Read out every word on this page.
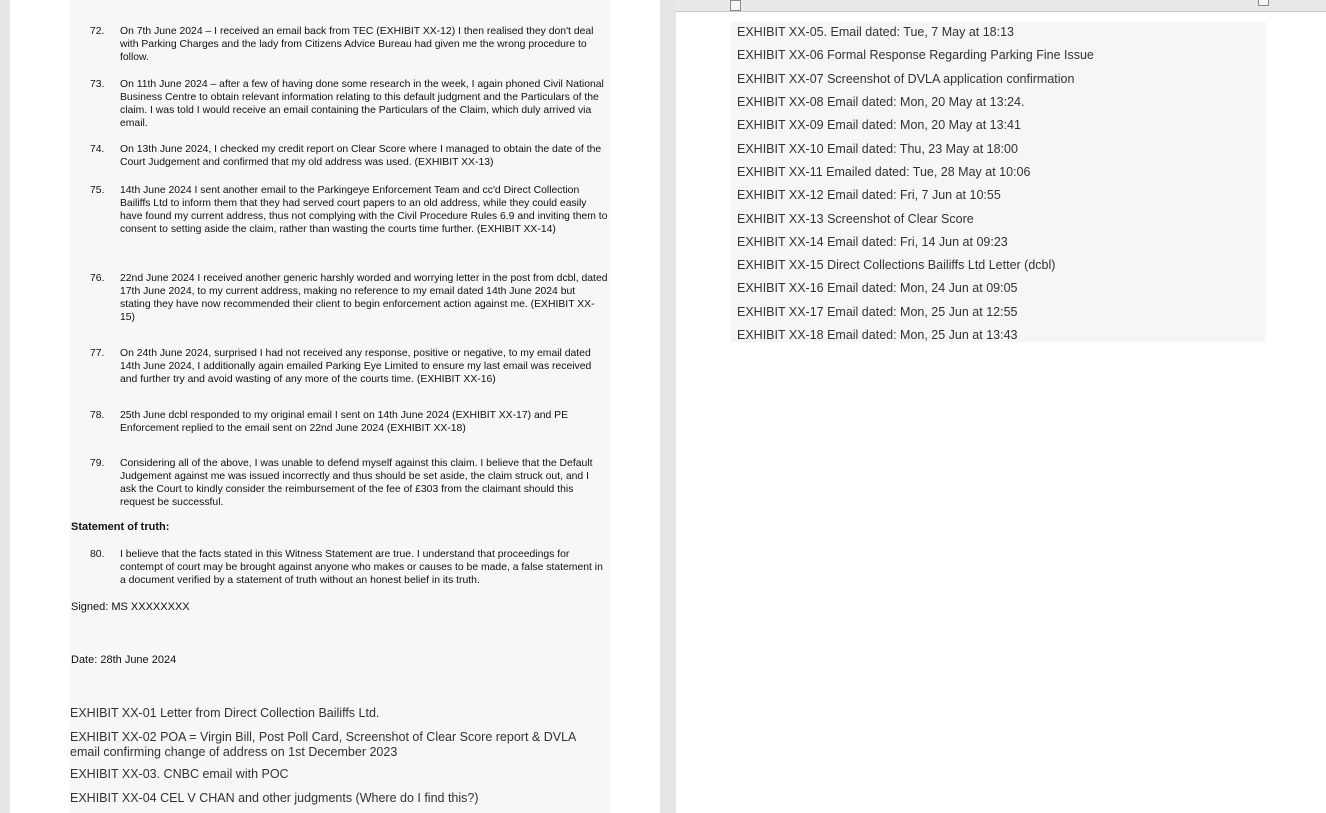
72. On 7th June 2024 – I received an email back from TEC (EXHIBIT XX-12) I then realised they don't deal with Parking Charges and the lady from Citizens Advice Bureau had given me the wrong procedure to follow.
73. On 11th June 2024 – after a few of having done some research in the week, I again phoned Civil National Business Centre to obtain relevant information relating to this default judgment and the Particulars of the claim. I was told I would receive an email containing the Particulars of the Claim, which duly arrived via email.
74. On 13th June 2024, I checked my credit report on Clear Score where I managed to obtain the date of the Court Judgement and confirmed that my old address was used. (EXHIBIT XX-13)
75. 14th June 2024 I sent another email to the Parkingeye Enforcement Team and cc'd Direct Collection Bailiffs Ltd to inform them that they had served court papers to an old address, while they could easily have found my current address, thus not complying with the Civil Procedure Rules 6.9 and inviting them to consent to setting aside the claim, rather than wasting the courts time further. (EXHIBIT XX-14)
76. 22nd June 2024 I received another generic harshly worded and worrying letter in the post from dcbl, dated 17th June 2024, to my current address, making no reference to my email dated 14th June 2024 but stating they have now recommended their client to begin enforcement action against me. (EXHIBIT XX-15)
77. On 24th June 2024, surprised I had not received any response, positive or negative, to my email dated 14th June 2024, I additionally again emailed Parking Eye Limited to ensure my last email was received and further try and avoid wasting of any more of the courts time. (EXHIBIT XX-16)
78. 25th June dcbl responded to my original email I sent on 14th June 2024 (EXHIBIT XX-17) and PE Enforcement replied to the email sent on 22nd June 2024 (EXHIBIT XX-18)
79. Considering all of the above, I was unable to defend myself against this claim. I believe that the Default Judgement against me was issued incorrectly and thus should be set aside, the claim struck out, and I ask the Court to kindly consider the reimbursement of the fee of £303 from the claimant should this request be successful.
Statement of truth:
80. I believe that the facts stated in this Witness Statement are true. I understand that proceedings for contempt of court may be brought against anyone who makes or causes to be made, a false statement in a document verified by a statement of truth without an honest belief in its truth.
Signed: MS XXXXXXXX
Date: 28th June 2024
EXHIBIT XX-01 Letter from Direct Collection Bailiffs Ltd.
EXHIBIT XX-02 POA = Virgin Bill, Post Poll Card, Screenshot of Clear Score report & DVLA email confirming change of address on 1st December 2023
EXHIBIT XX-03. CNBC email with POC
EXHIBIT XX-04 CEL V CHAN and other judgments (Where do I find this?)
EXHIBIT XX-05. Email dated: Tue, 7 May at 18:13
EXHIBIT XX-06 Formal Response Regarding Parking Fine Issue
EXHIBIT XX-07 Screenshot of DVLA application confirmation
EXHIBIT XX-08 Email dated: Mon, 20 May at 13:24.
EXHIBIT XX-09 Email dated: Mon, 20 May at 13:41
EXHIBIT XX-10 Email dated: Thu, 23 May at 18:00
EXHIBIT XX-11 Emailed dated: Tue, 28 May at 10:06
EXHIBIT XX-12 Email dated: Fri, 7 Jun at 10:55
EXHIBIT XX-13 Screenshot of Clear Score
EXHIBIT XX-14 Email dated: Fri, 14 Jun at 09:23
EXHIBIT XX-15 Direct Collections Bailiffs Ltd Letter (dcbl)
EXHIBIT XX-16 Email dated: Mon, 24 Jun at 09:05
EXHIBIT XX-17 Email dated: Mon, 25 Jun at 12:55
EXHIBIT XX-18 Email dated: Mon, 25 Jun at 13:43
